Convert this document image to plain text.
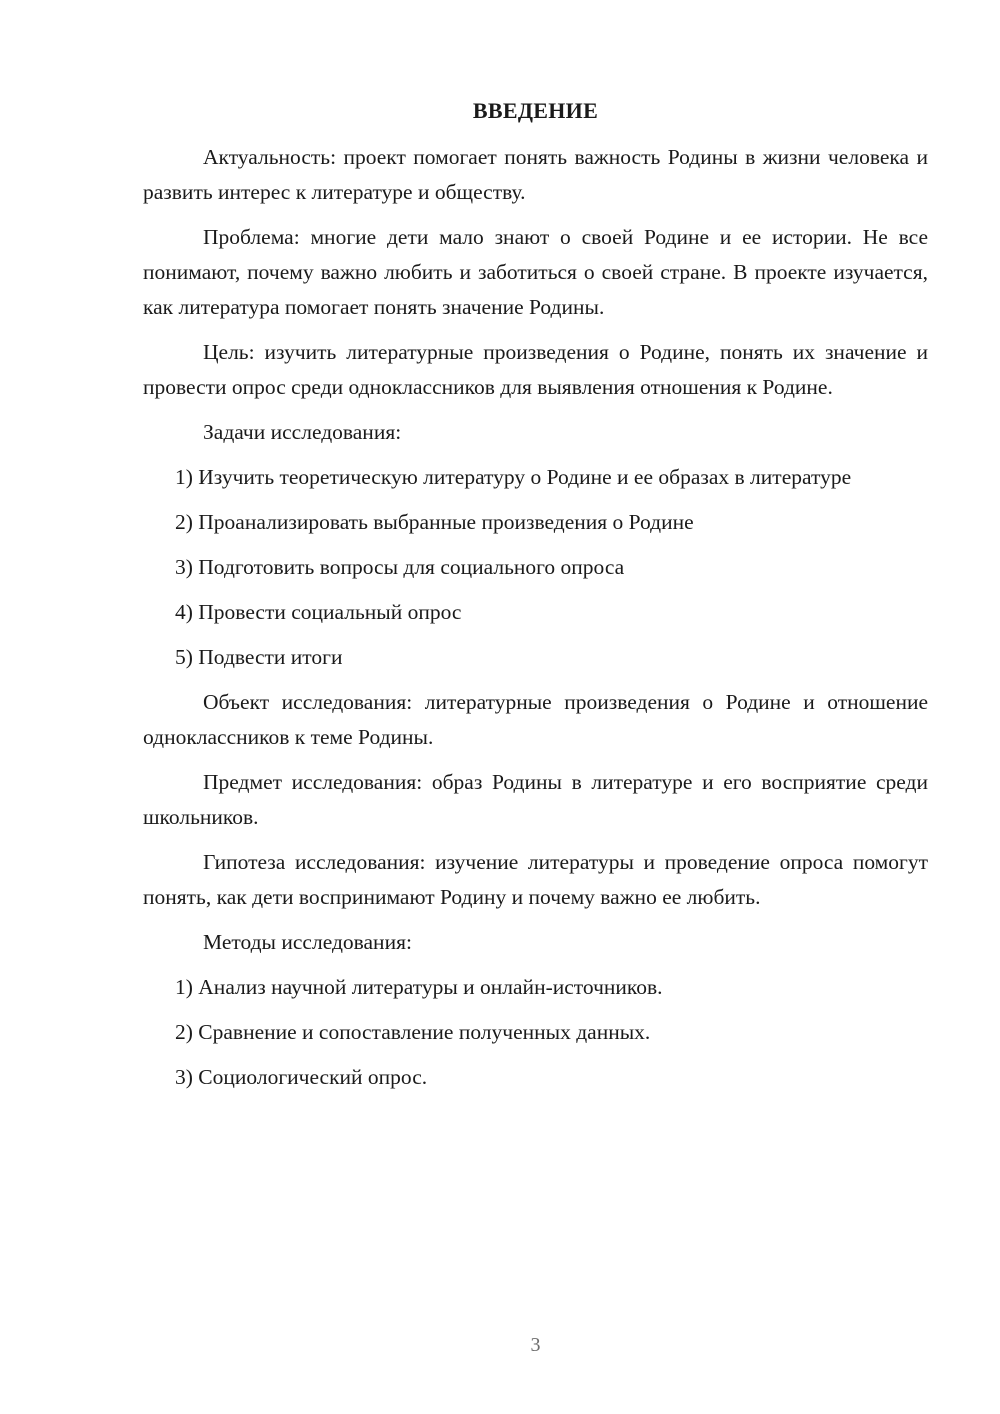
ВВЕДЕНИЕ

Актуальность: проект помогает понять важность Родины в жизни человека и развить интерес к литературе и обществу.

Проблема: многие дети мало знают о своей Родине и ее истории. Не все понимают, почему важно любить и заботиться о своей стране. В проекте изучается, как литература помогает понять значение Родины.

Цель: изучить литературные произведения о Родине, понять их значение и провести опрос среди одноклассников для выявления отношения к Родине.

Задачи исследования:

1) Изучить теоретическую литературу о Родине и ее образах в литературе

2) Проанализировать выбранные произведения о Родине

3) Подготовить вопросы для социального опроса

4) Провести социальный опрос

5) Подвести итоги

Объект исследования: литературные произведения о Родине и отношение одноклассников к теме Родины.

Предмет исследования: образ Родины в литературе и его восприятие среди школьников.

Гипотеза исследования: изучение литературы и проведение опроса помогут понять, как дети воспринимают Родину и почему важно ее любить.

Методы исследования:

1) Анализ научной литературы и онлайн-источников.

2) Сравнение и сопоставление полученных данных.

3) Социологический опрос.

3
